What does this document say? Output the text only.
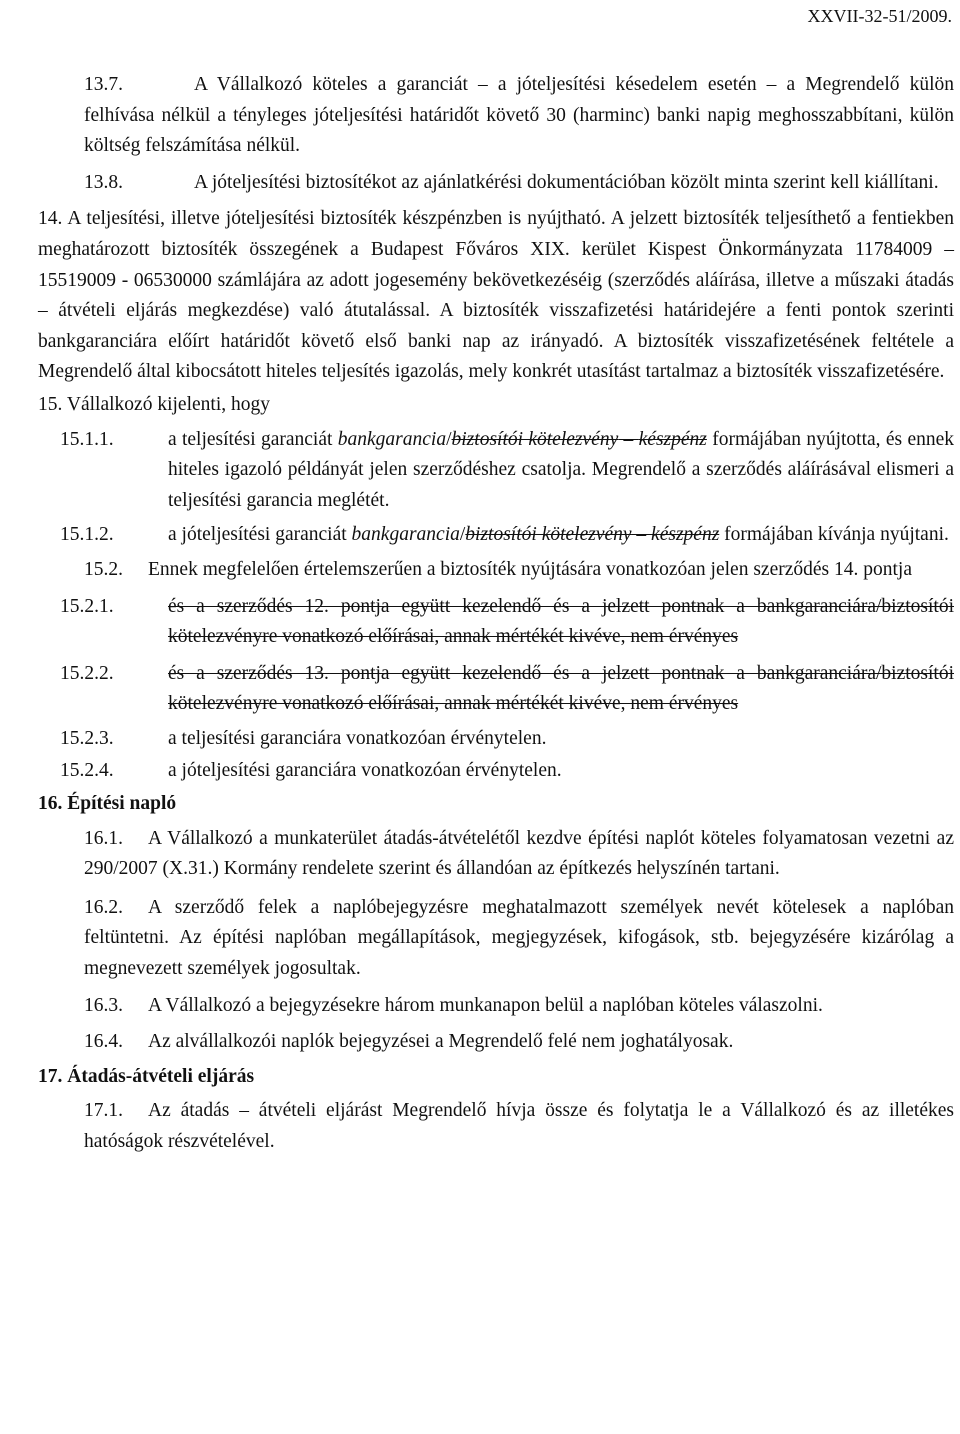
XXVII-32-51/2009.

13.7.	A Vállalkozó köteles a garanciát – a jóteljesítési késedelem esetén – a Megrendelő külön felhívása nélkül a tényleges jóteljesítési határidőt követő 30 (harminc) banki napig meghosszabbítani, külön költség felszámítása nélkül.

13.8.	A jóteljesítési biztosítékot az ajánlatkérési dokumentációban közölt minta szerint kell kiállítani.

14. A teljesítési, illetve jóteljesítési biztosíték készpénzben is nyújtható. A jelzett biztosíték teljesíthető a fentiekben meghatározott biztosíték összegének a Budapest Főváros XIX. kerület Kispest Önkormányzata 11784009 – 15519009 - 06530000 számlájára az adott jogesemény bekövetkezéséig (szerződés aláírása, illetve a műszaki átadás – átvételi eljárás megkezdése) való átutalással. A biztosíték visszafizetési határidejére a fenti pontok szerinti bankgaranciára előírt határidőt követő első banki nap az irányadó. A biztosíték visszafizetésének feltétele a Megrendelő által kibocsátott hiteles teljesítés igazolás, mely konkrét utasítást tartalmaz a biztosíték visszafizetésére.

15. Vállalkozó kijelenti, hogy

15.1.1.	a teljesítési garanciát bankgarancia/biztosítói kötelezvény – készpénz formájában nyújtotta, és ennek hiteles igazoló példányát jelen szerződéshez csatolja. Megrendelő a szerződés aláírásával elismeri a teljesítési garancia meglétét.

15.1.2.	a jóteljesítési garanciát bankgarancia/biztosítói kötelezvény – készpénz formájában kívánja nyújtani.

15.2. Ennek megfelelően értelemszerűen a biztosíték nyújtására vonatkozóan jelen szerződés 14. pontja

15.2.1.	és a szerződés 12. pontja együtt kezelendő és a jelzett pontnak a bankgaranciára/biztosítói kötelezvényre vonatkozó előírásai, annak mértékét kivéve, nem érvényes

15.2.2.	és a szerződés 13. pontja együtt kezelendő és a jelzett pontnak a bankgaranciára/biztosítói kötelezvényre vonatkozó előírásai, annak mértékét kivéve, nem érvényes

15.2.3.	a teljesítési garanciára vonatkozóan érvénytelen.

15.2.4.	a jóteljesítési garanciára vonatkozóan érvénytelen.

16. Építési napló

16.1. A Vállalkozó a munkaterület átadás-átvételétől kezdve építési naplót köteles folyamatosan vezetni az 290/2007 (X.31.) Kormány rendelete szerint és állandóan az építkezés helyszínén tartani.

16.2. A szerződő felek a naplóbejegyzésre meghatalmazott személyek nevét kötelesek a naplóban feltüntetni. Az építési naplóban megállapítások, megjegyzések, kifogások, stb. bejegyzésére kizárólag a megnevezett személyek jogosultak.

16.3. A Vállalkozó a bejegyzésekre három munkanapon belül a naplóban köteles válaszolni.

16.4. Az alvállalkozói naplók bejegyzései a Megrendelő felé nem joghatályosak.

17. Átadás-átvételi eljárás

17.1. Az átadás – átvételi eljárást Megrendelő hívja össze és folytatja le a Vállalkozó és az illetékes hatóságok részvételével.
